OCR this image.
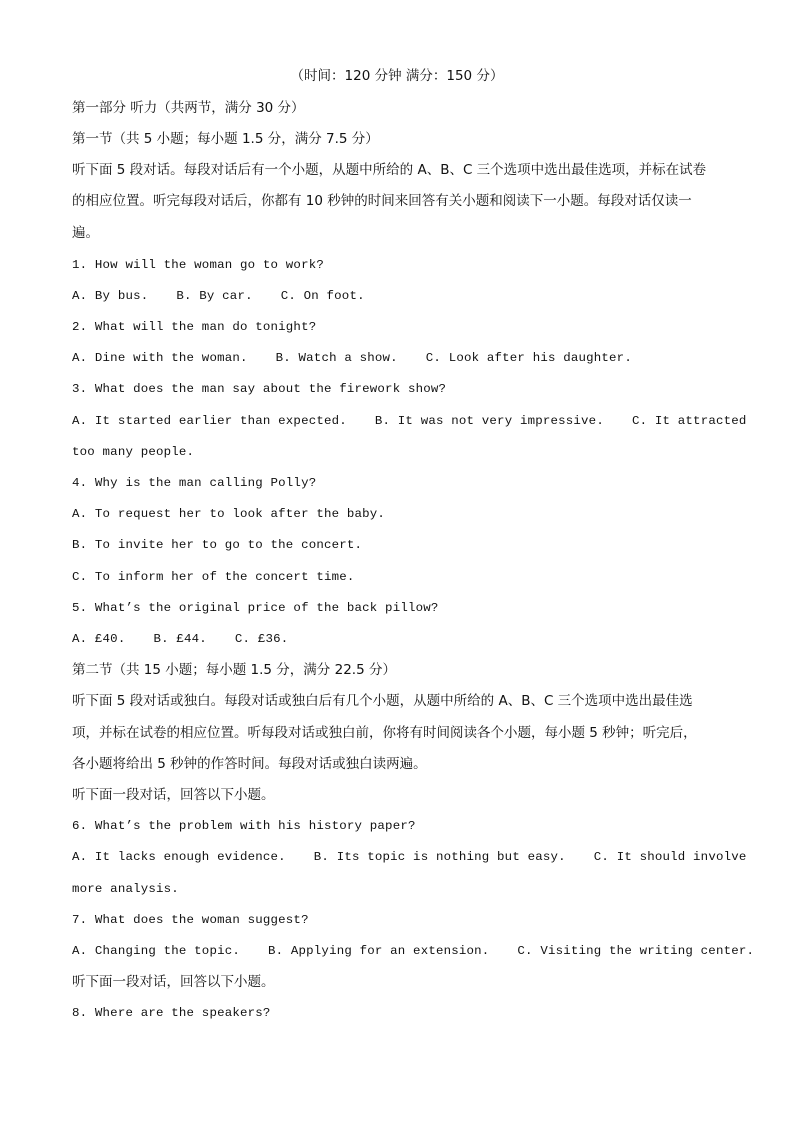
（时间：120 分钟 满分：150 分）

第一部分 听力（共两节，满分 30 分）

第一节（共 5 小题；每小题 1.5 分，满分 7.5 分）

听下面 5 段对话。每段对话后有一个小题，从题中所给的 A、B、C 三个选项中选出最佳选项，并标在试卷

的相应位置。听完每段对话后，你都有 10 秒钟的时间来回答有关小题和阅读下一小题。每段对话仅读一

遍。

1. How will the woman go to work?

A. By bus. B. By car. C. On foot.

2. What will the man do tonight?

A. Dine with the woman. B. Watch a show. C. Look after his daughter.

3. What does the man say about the firework show?

A. It started earlier than expected. B. It was not very impressive. C. It attracted

too many people.

4. Why is the man calling Polly?

A. To request her to look after the baby.

B. To invite her to go to the concert.

C. To inform her of the concert time.

5. What’s the original price of the back pillow?

A. £40. B. £44. C. £36.

第二节（共 15 小题；每小题 1.5 分，满分 22.5 分）

听下面 5 段对话或独白。每段对话或独白后有几个小题，从题中所给的 A、B、C 三个选项中选出最佳选

项，并标在试卷的相应位置。听每段对话或独白前，你将有时间阅读各个小题，每小题 5 秒钟；听完后，

各小题将给出 5 秒钟的作答时间。每段对话或独白读两遍。

听下面一段对话，回答以下小题。

6. What’s the problem with his history paper?

A. It lacks enough evidence. B. Its topic is nothing but easy. C. It should involve

more analysis.

7. What does the woman suggest?

A. Changing the topic. B. Applying for an extension. C. Visiting the writing center.

听下面一段对话，回答以下小题。

8. Where are the speakers?
